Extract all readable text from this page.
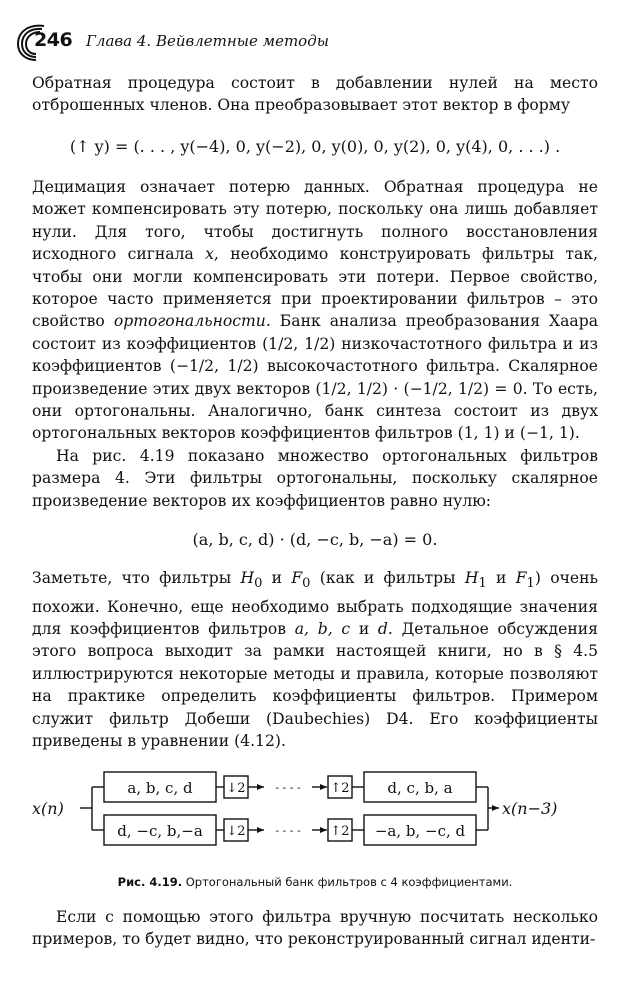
246 Глава 4. Вейвлетные методы

Обратная процедура состоит в добавлении нулей на место отброшенных членов. Она преобразовывает этот вектор в форму

(↑ y) = (. . . , y(−4), 0, y(−2), 0, y(0), 0, y(2), 0, y(4), 0, . . .) .

Децимация означает потерю данных. Обратная процедура не может компенсировать эту потерю, поскольку она лишь добавляет нули. Для того, чтобы достигнуть полного восстановления исходного сигнала x, необходимо конструировать фильтры так, чтобы они могли компенсировать эти потери. Первое свойство, которое часто применяется при проектировании фильтров – это свойство ортогональности. Банк анализа преобразования Хаара состоит из коэффициентов (1/2, 1/2) низкочастотного фильтра и из коэффициентов (−1/2, 1/2) высокочастотного фильтра. Скалярное произведение этих двух векторов (1/2, 1/2) · (−1/2, 1/2) = 0. То есть, они ортогональны. Аналогично, банк синтеза состоит из двух ортогональных векторов коэффициентов фильтров (1, 1) и (−1, 1).

На рис. 4.19 показано множество ортогональных фильтров размера 4. Эти фильтры ортогональны, поскольку скалярное произведение векторов их коэффициентов равно нулю:

(a, b, c, d) · (d, −c, b, −a) = 0.

Заметьте, что фильтры $H_0$ и $F_0$ (как и фильтры $H_1$ и $F_1$) очень похожи. Конечно, еще необходимо выбрать подходящие значения для коэффициентов фильтров a, b, c и d. Детальное обсуждения этого вопроса выходит за рамки настоящей книги, но в § 4.5 иллюстрируются некоторые методы и правила, которые позволяют на практике определить коэффициенты фильтров. Примером служит фильтр Добеши (Daubechies) D4. Его коэффициенты приведены в уравнении (4.12).

x(n)	x(n−3)
a, b, c, d
d, −c, b,−a
d, c, b, a
−a, b, −c, d
↓2
↓2
↑2
↑2
- - - -
- - - -
Рис. 4.19. Ортогональный банк фильтров с 4 коэффициентами.

Если с помощью этого фильтра вручную посчитать несколько примеров, то будет видно, что реконструированный сигнал иденти-
